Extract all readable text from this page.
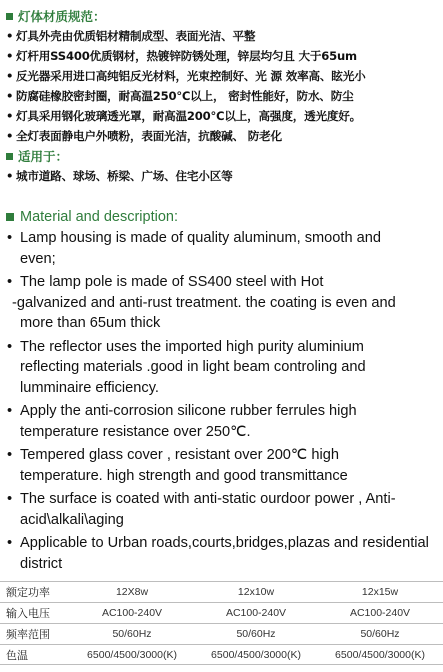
灯体材质规范：
• 灯具外壳由优质铝材精制成型、表面光洁、平整
• 灯杆用SS400优质钢材，热镀锌防锈处理，锌层均匀且 大于65um
• 反光器采用进口高纯铝反光材料，光束控制好、光 源 效率高、眩光小
• 防腐硅橡胶密封圈，耐高温250℃以上， 密封性能好，防水、防尘
• 灯具采用钢化玻璃透光罩，耐高温200℃以上，高强度，透光度好。
• 全灯表面静电户外喷粉，表面光洁，抗酸碱、 防老化
适用于：
• 城市道路、球场、桥梁、广场、住宅小区等
Material and description:
• Lamp housing is made of quality aluminum, smooth and
even;
• The lamp pole is made of SS400 steel with Hot
-galvanized and anti-rust treatment. the coating is even and
more than 65um thick
• The reflector uses the imported high purity aluminium
reflecting materials .good in light beam controling and
lumminaire efficiency.
• Apply the anti-corrosion silicone rubber ferrules high
temperature resistance over 250℃.
• Tempered glass cover , resistant over 200℃ high
temperature. high strength and good transmittance
• The surface is coated with anti-static ourdoor power , Anti-
acid\alkali\aging
• Applicable to Urban roads,courts,bridges,plazas and residential
district
额定功率	12X8w	12x10w	12x15w
输入电压	AC100-240V	AC100-240V	AC100-240V
频率范围	50/60Hz	50/60Hz	50/60Hz
色温	6500/4500/3000(K)	6500/4500/3000(K)	6500/4500/3000(K)
